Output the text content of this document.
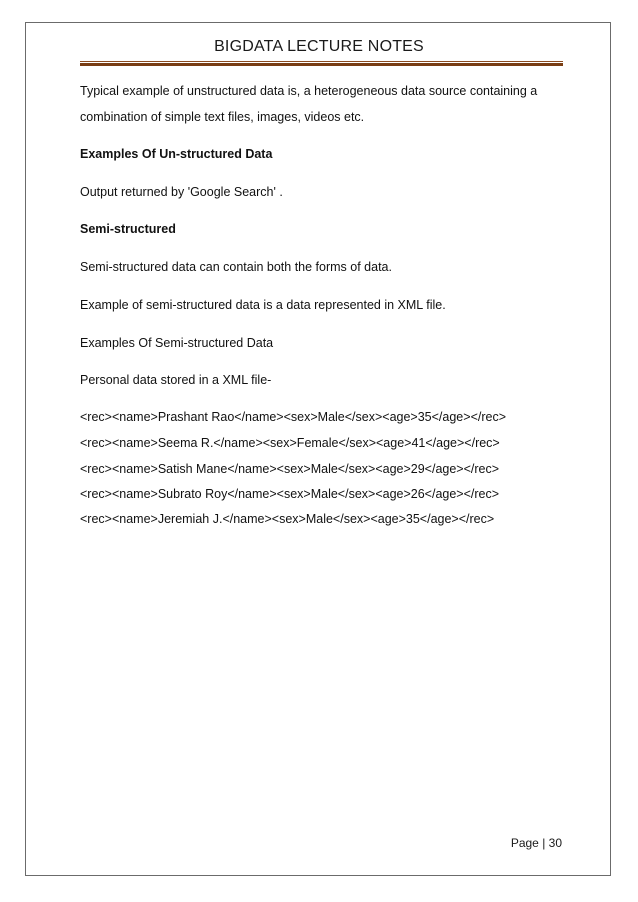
BIGDATA LECTURE NOTES
Typical example of unstructured data is, a heterogeneous data source containing a
combination of simple text files, images, videos etc.
Examples Of Un-structured Data
Output returned by 'Google Search' .
Semi-structured
Semi-structured data can contain both the forms of data.
Example of semi-structured data is a data represented in XML file.
Examples Of Semi-structured Data
Personal data stored in a XML file-
<rec><name>Prashant Rao</name><sex>Male</sex><age>35</age></rec>
<rec><name>Seema R.</name><sex>Female</sex><age>41</age></rec>
<rec><name>Satish Mane</name><sex>Male</sex><age>29</age></rec>
<rec><name>Subrato Roy</name><sex>Male</sex><age>26</age></rec>
<rec><name>Jeremiah J.</name><sex>Male</sex><age>35</age></rec>
Page | 30
